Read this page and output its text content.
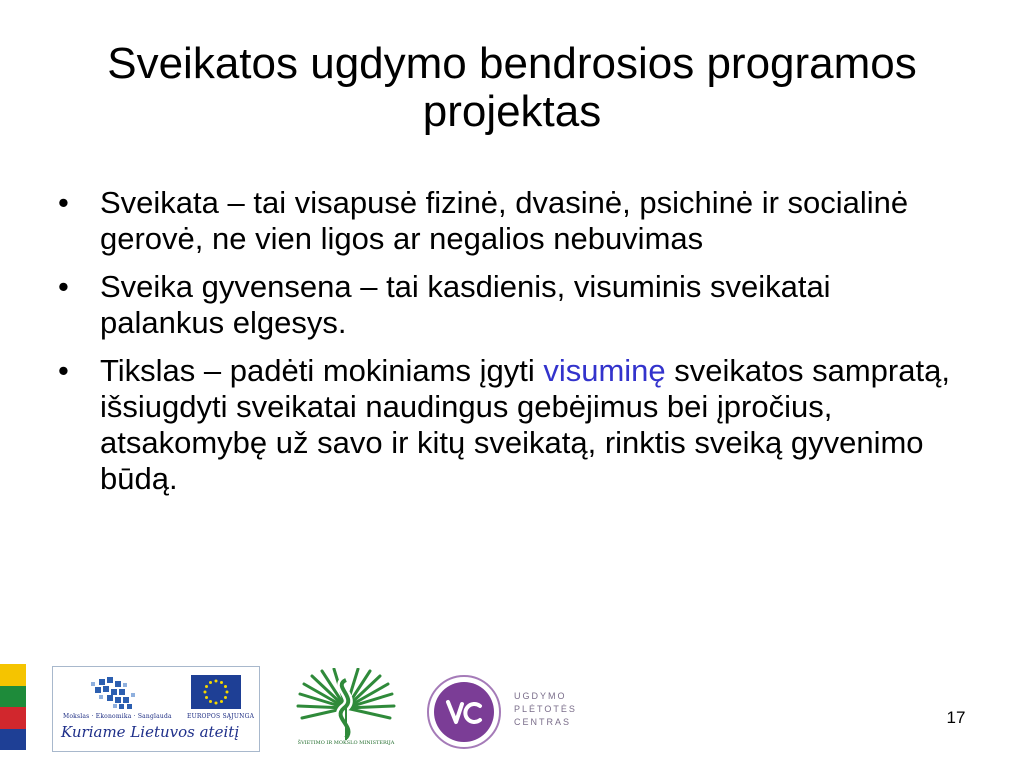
Sveikatos ugdymo bendrosios programos projektas
• Sveikata – tai visapusė fizinė, dvasinė, psichinė ir socialinė gerovė, ne vien ligos ar negalios nebuvimas
• Sveika gyvensena – tai kasdienis, visuminis sveikatai palankus elgesys.
• Tikslas – padėti mokiniams įgyti visuminę sveikatos sampratą, išsiugdyti sveikatai naudingus gebėjimus bei įpročius, atsakomybę už savo ir kitų sveikatą, rinktis sveiką gyvenimo būdą.
Mokslas · Ekonomika · Sanglauda	EUROPOS SĄJUNGA
Kuriame Lietuvos ateitį
ŠVIETIMO IR MOKSLO MINISTERIJA
UGDYMO
PLĖTOTĖS
CENTRAS	17
